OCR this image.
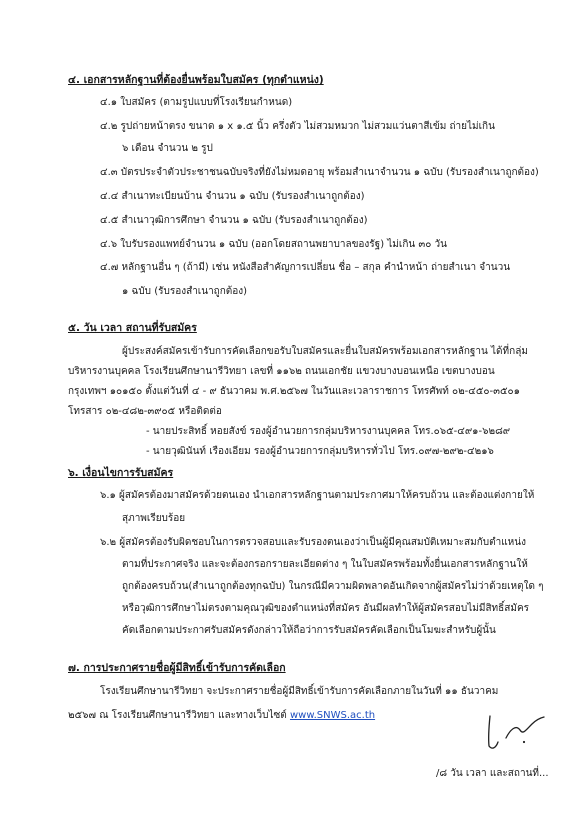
๔. เอกสารหลักฐานที่ต้องยื่นพร้อมใบสมัคร (ทุกตำแหน่ง)
๔.๑ ใบสมัคร (ตามรูปแบบที่โรงเรียนกำหนด)
๔.๒ รูปถ่ายหน้าตรง ขนาด ๑ x ๑.๕ นิ้ว ครึ่งตัว ไม่สวมหมวก ไม่สวมแว่นตาสีเข้ม ถ่ายไม่เกิน
๖ เดือน จำนวน ๒ รูป
๔.๓ บัตรประจำตัวประชาชนฉบับจริงที่ยังไม่หมดอายุ พร้อมสำเนาจำนวน ๑ ฉบับ (รับรองสำเนาถูกต้อง)
๔.๔ สำเนาทะเบียนบ้าน จำนวน ๑ ฉบับ (รับรองสำเนาถูกต้อง)
๔.๕ สำเนาวุฒิการศึกษา จำนวน ๑ ฉบับ (รับรองสำเนาถูกต้อง)
๔.๖ ใบรับรองแพทย์จำนวน ๑ ฉบับ (ออกโดยสถานพยาบาลของรัฐ) ไม่เกิน ๓๐ วัน
๔.๗ หลักฐานอื่น ๆ (ถ้ามี) เช่น หนังสือสำคัญการเปลี่ยน ชื่อ – สกุล คำนำหน้า ถ่ายสำเนา จำนวน
๑ ฉบับ (รับรองสำเนาถูกต้อง)
๕. วัน เวลา สถานที่รับสมัคร
ผู้ประสงค์สมัครเข้ารับการคัดเลือกขอรับใบสมัครและยื่นใบสมัครพร้อมเอกสารหลักฐาน ได้ที่กลุ่ม
บริหารงานบุคคล โรงเรียนศึกษานารีวิทยา เลขที่ ๑๑๖๒ ถนนเอกชัย แขวงบางบอนเหนือ เขตบางบอน
กรุงเทพฯ ๑๐๑๕๐ ตั้งแต่วันที่ ๔ - ๙ ธันวาคม พ.ศ.๒๕๖๗ ในวันและเวลาราชการ โทรศัพท์ ๐๒-๔๕๐-๓๕๐๑
โทรสาร ๐๒-๔๘๒-๓๙๐๕ หรือติดต่อ
- นายประสิทธิ์ หอยสังข์ รองผู้อำนวยการกลุ่มบริหารงานบุคคล โทร.๐๖๕-๔๙๑-๖๒๘๙
- นายวุฒินันท์ เรืองเอียม รองผู้อำนวยการกลุ่มบริหารทั่วไป โทร.๐๙๗-๒๙๒-๔๒๑๖
๖. เงื่อนไขการรับสมัคร
๖.๑ ผู้สมัครต้องมาสมัครด้วยตนเอง นำเอกสารหลักฐานตามประกาศมาให้ครบถ้วน และต้องแต่งกายให้
สุภาพเรียบร้อย
๖.๒ ผู้สมัครต้องรับผิดชอบในการตรวจสอบและรับรองตนเองว่าเป็นผู้มีคุณสมบัติเหมาะสมกับตำแหน่ง
ตามที่ประกาศจริง และจะต้องกรอกรายละเอียดต่าง ๆ ในใบสมัครพร้อมทั้งยื่นเอกสารหลักฐานให้
ถูกต้องครบถ้วน(สำเนาถูกต้องทุกฉบับ) ในกรณีมีความผิดพลาดอันเกิดจากผู้สมัครไม่ว่าด้วยเหตุใด ๆ
หรือวุฒิการศึกษาไม่ตรงตามคุณวุฒิของตำแหน่งที่สมัคร อันมีผลทำให้ผู้สมัครสอบไม่มีสิทธิ์สมัคร
คัดเลือกตามประกาศรับสมัครดังกล่าวให้ถือว่าการรับสมัครคัดเลือกเป็นโมฆะสำหรับผู้นั้น
๗. การประกาศรายชื่อผู้มีสิทธิ์เข้ารับการคัดเลือก
โรงเรียนศึกษานารีวิทยา จะประกาศรายชื่อผู้มีสิทธิ์เข้ารับการคัดเลือกภายในวันที่ ๑๑ ธันวาคม
๒๕๖๗ ณ โรงเรียนศึกษานารีวิทยา และทางเว็บไซต์ www.SNWS.ac.th
/๘ วัน เวลา และสถานที่...
